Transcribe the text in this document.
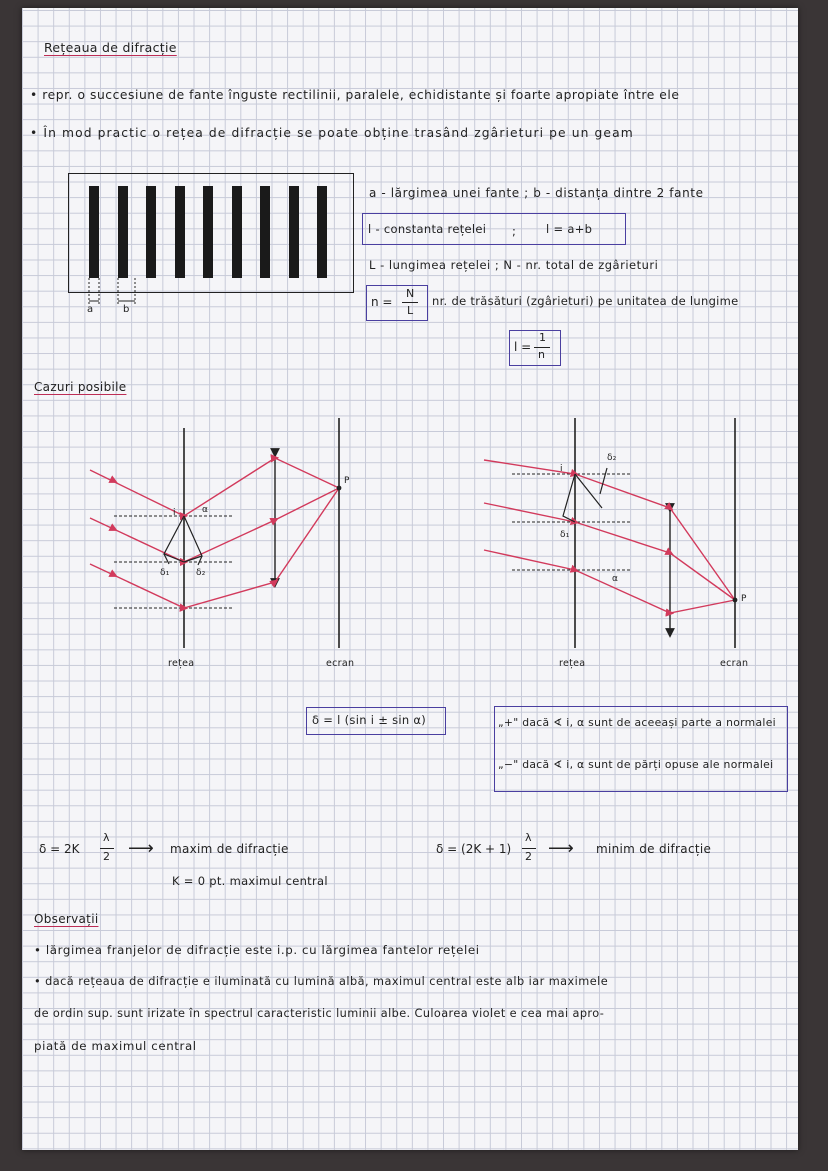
Rețeaua de difracție
• repr. o succesiune de fante înguste rectilinii, paralele, echidistante și foarte apropiate între ele
• În mod practic o rețea de difracție se poate obține trasând zgârieturi pe un geam
a	b
a - lărgimea unei fante ; b - distanța dintre 2 fante
l - constanta rețelei ;	l = a+b
L - lungimea rețelei ; N - nr. total de zgârieturi
n =
N
L
nr. de trăsături (zgârieturi) pe unitatea de lungime
l =
1
n
Cazuri posibile
i	α
δ₁	δ₂
P
rețea	ecran
i
α
δ₁
δ₂
P
rețea	ecran
δ = l (sin i ± sin α)	„+" dacă ∢ i, α sunt de aceeași parte a normalei
„−" dacă ∢ i, α sunt de părți opuse ale normalei
δ = 2K
λ
2 ⟶ maxim de difracție
K = 0 pt. maximul central
δ = (2K + 1)
λ
2 ⟶ minim de difracție
Observații
• lărgimea franjelor de difracție este i.p. cu lărgimea fantelor rețelei
• dacă rețeaua de difracție e iluminată cu lumină albă, maximul central este alb iar maximele
de ordin sup. sunt irizate în spectrul caracteristic luminii albe. Culoarea violet e cea mai apro-
piată de maximul central
